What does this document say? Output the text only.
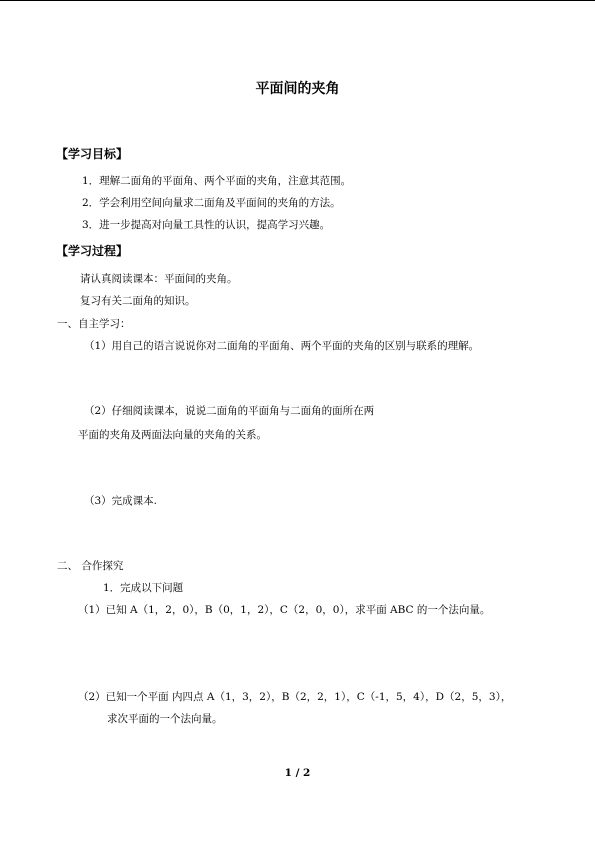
平面间的夹角
【学习目标】
1．理解二面角的平面角、两个平面的夹角，注意其范围。
2．学会利用空间向量求二面角及平面间的夹角的方法。
3．进一步提高对向量工具性的认识，提高学习兴趣。
【学习过程】
请认真阅读课本：平面间的夹角。
复习有关二面角的知识。
一、自主学习：
（1）用自己的语言说说你对二面角的平面角、两个平面的夹角的区别与联系的理解。
（2）仔细阅读课本，说说二面角的平面角与二面角的面所在两
平面的夹角及两面法向量的夹角的关系。
（3）完成课本.
二、 合作探究
1．完成以下问题
（1）已知 A（1，2，0），B（0，1，2），C（2，0，0），求平面 ABC 的一个法向量。
（2）已知一个平面 内四点 A（1，3，2），B（2，2，1），C（-1，5，4），D（2，5，3），
求次平面的一个法向量。
1 / 2
